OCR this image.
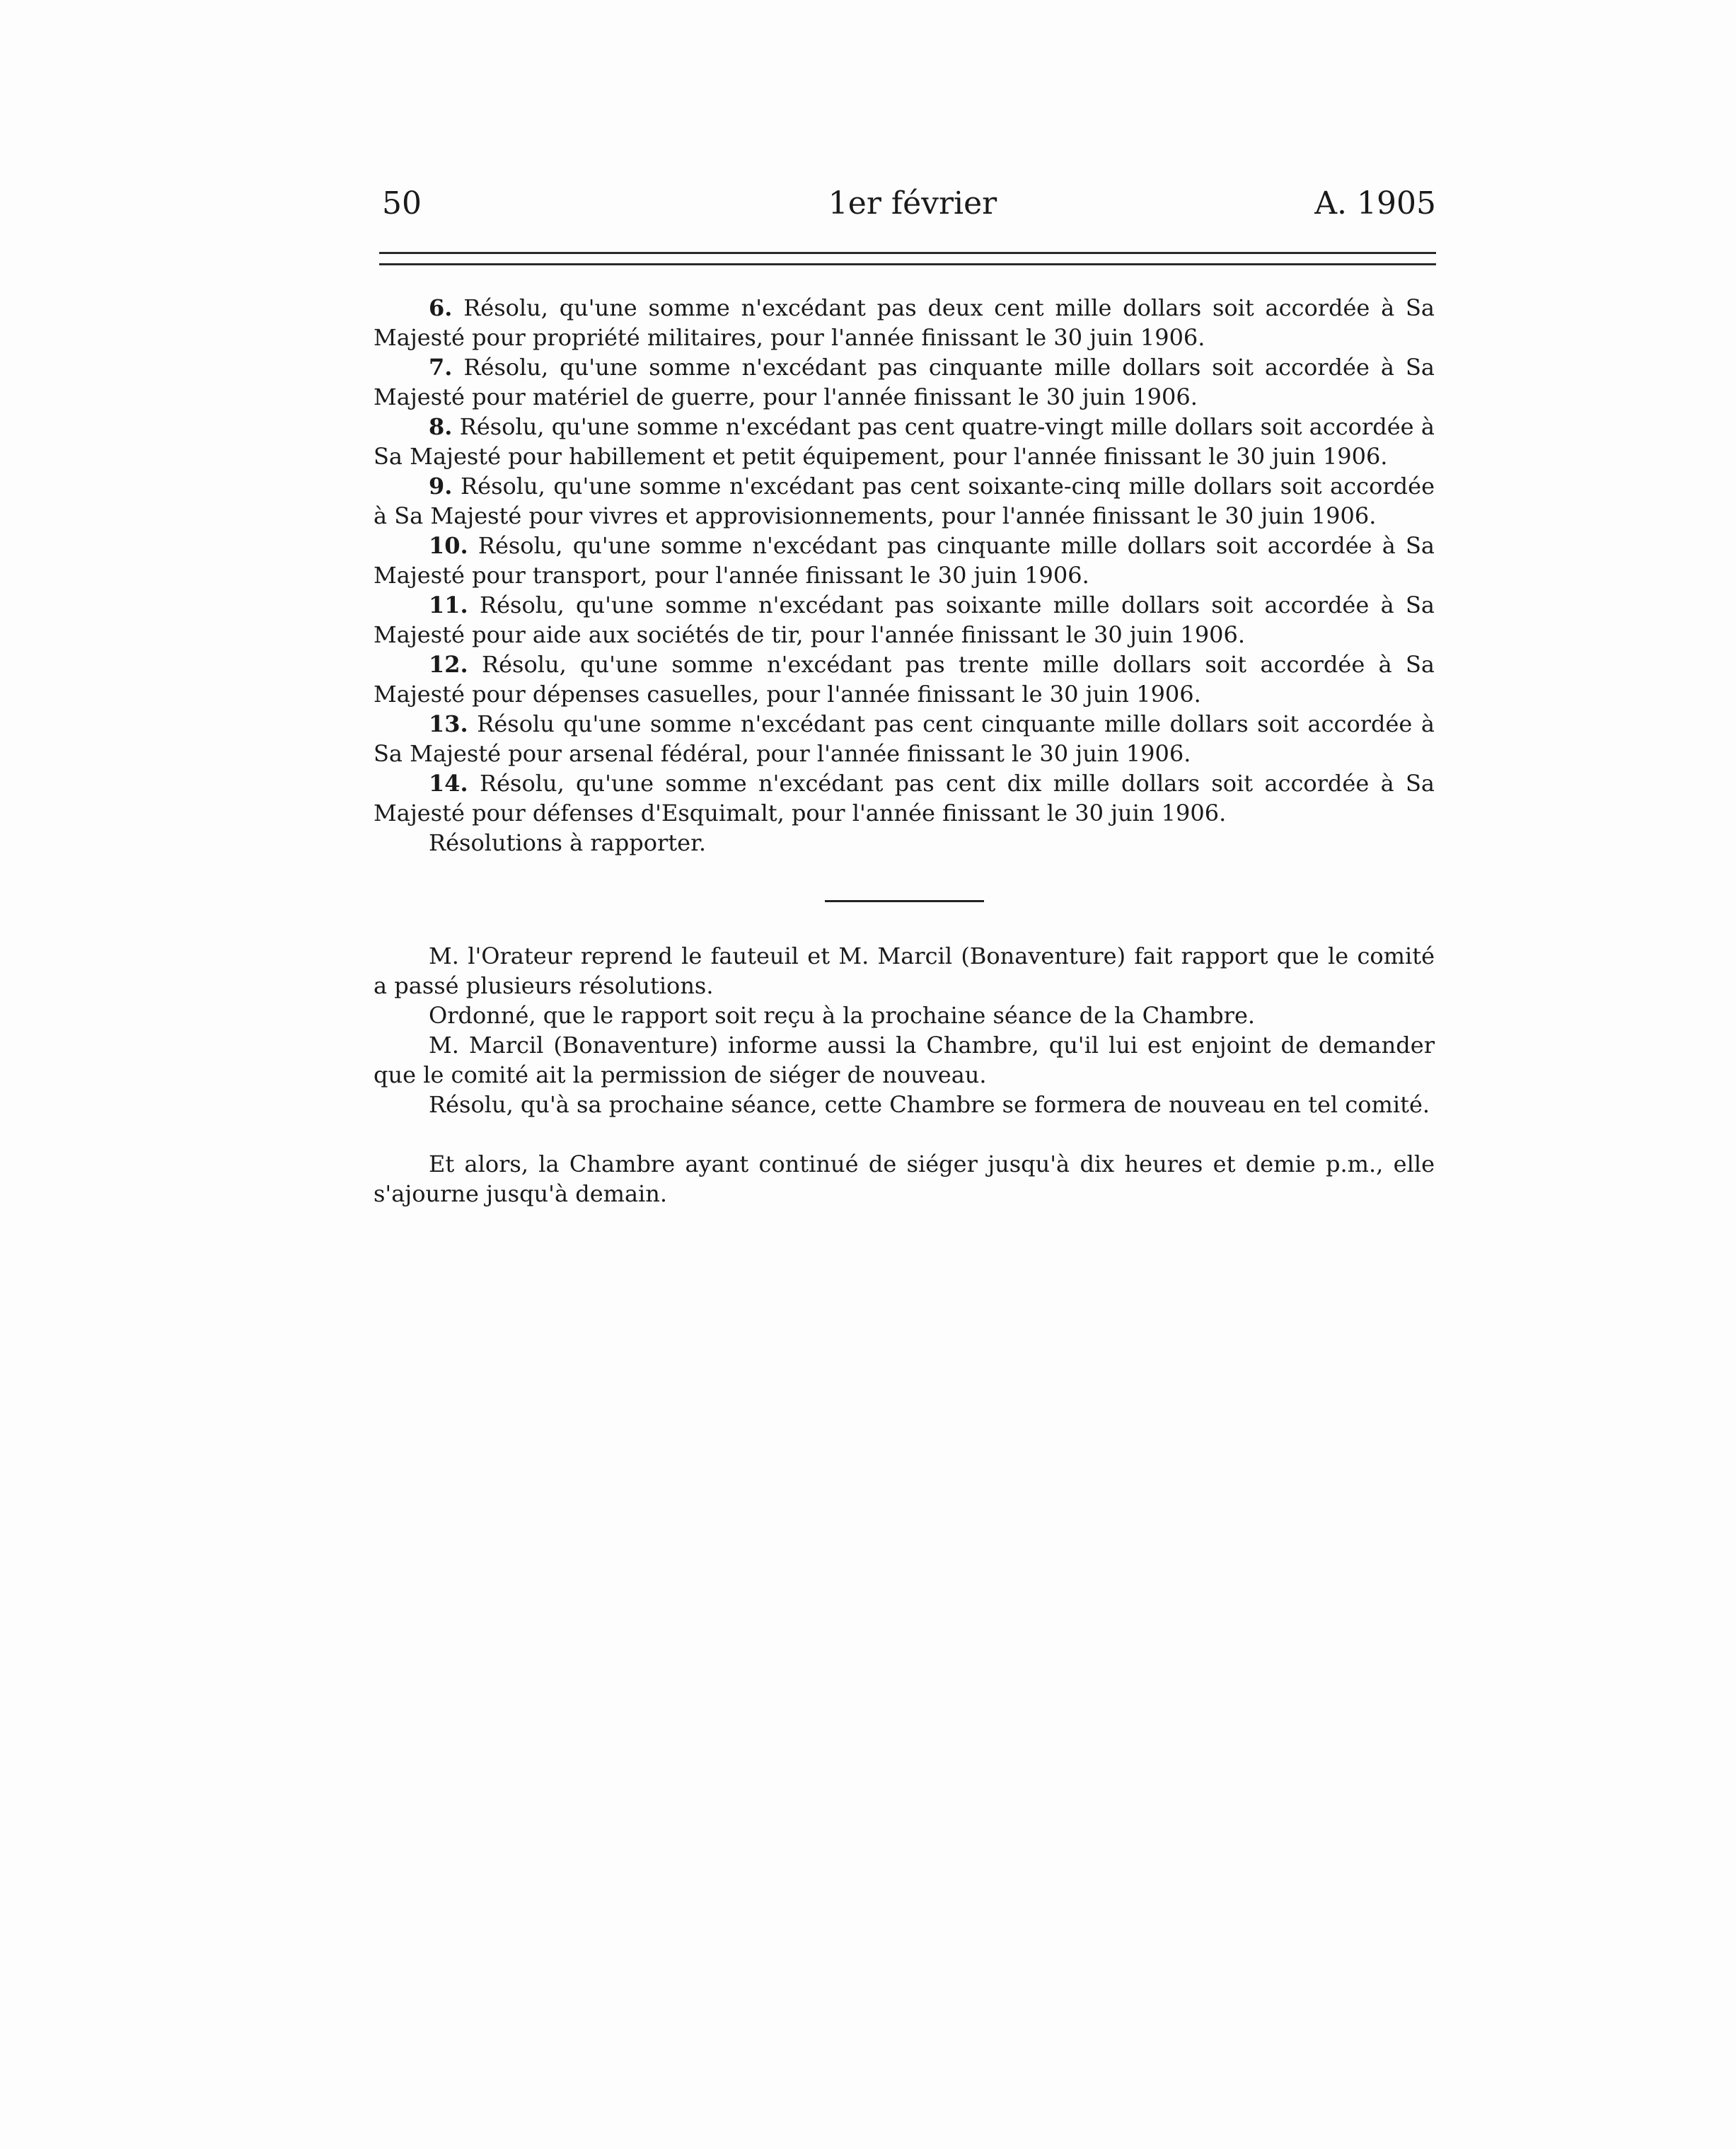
50	1er février	A. 1905

6. Résolu, qu'une somme n'excédant pas deux cent mille dollars soit accordée à Sa Majesté pour propriété militaires, pour l'année finissant le 30 juin 1906.

7. Résolu, qu'une somme n'excédant pas cinquante mille dollars soit accordée à Sa Majesté pour matériel de guerre, pour l'année finissant le 30 juin 1906.

8. Résolu, qu'une somme n'excédant pas cent quatre-vingt mille dollars soit accordée à Sa Majesté pour habillement et petit équipement, pour l'année finissant le 30 juin 1906.

9. Résolu, qu'une somme n'excédant pas cent soixante-cinq mille dollars soit accordée à Sa Majesté pour vivres et approvisionnements, pour l'année finissant le 30 juin 1906.

10. Résolu, qu'une somme n'excédant pas cinquante mille dollars soit accordée à Sa Majesté pour transport, pour l'année finissant le 30 juin 1906.

11. Résolu, qu'une somme n'excédant pas soixante mille dollars soit accordée à Sa Majesté pour aide aux sociétés de tir, pour l'année finissant le 30 juin 1906.

12. Résolu, qu'une somme n'excédant pas trente mille dollars soit accordée à Sa Majesté pour dépenses casuelles, pour l'année finissant le 30 juin 1906.

13. Résolu qu'une somme n'excédant pas cent cinquante mille dollars soit accordée à Sa Majesté pour arsenal fédéral, pour l'année finissant le 30 juin 1906.

14. Résolu, qu'une somme n'excédant pas cent dix mille dollars soit accordée à Sa Majesté pour défenses d'Esquimalt, pour l'année finissant le 30 juin 1906.

Résolutions à rapporter.

M. l'Orateur reprend le fauteuil et M. Marcil (Bonaventure) fait rapport que le comité a passé plusieurs résolutions.

Ordonné, que le rapport soit reçu à la prochaine séance de la Chambre.

M. Marcil (Bonaventure) informe aussi la Chambre, qu'il lui est enjoint de demander que le comité ait la permission de siéger de nouveau.

Résolu, qu'à sa prochaine séance, cette Chambre se formera de nouveau en tel comité.

Et alors, la Chambre ayant continué de siéger jusqu'à dix heures et demie p.m., elle s'ajourne jusqu'à demain.
